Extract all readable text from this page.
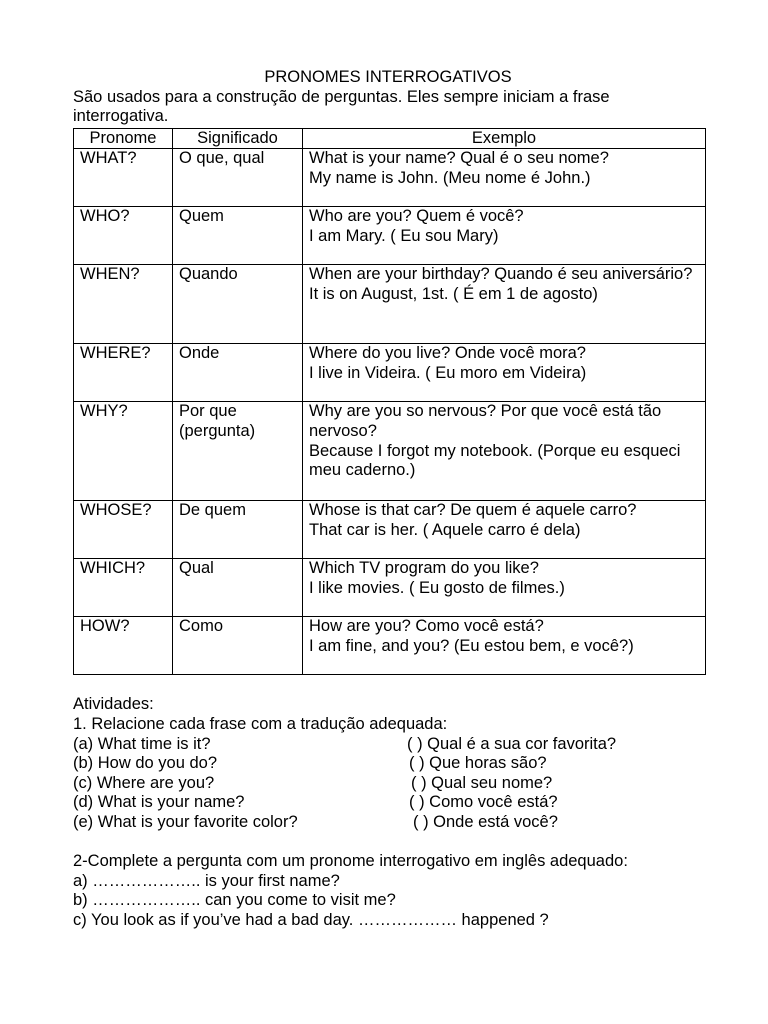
PRONOMES INTERROGATIVOS

São usados para a construção de perguntas. Eles sempre iniciam a frase interrogativa.

Pronome	Significado	Exemplo
WHAT?	O que, qual	What is your name? Qual é o seu nome?
My name is John. (Meu nome é John.)

WHO?	Quem	Who are you? Quem é você?
I am Mary. ( Eu sou Mary)

WHEN?	Quando	When are your birthday? Quando é seu aniversário?
It is on August, 1st. ( É em 1 de agosto)

WHERE?	Onde	Where do you live? Onde você mora?
I live in Videira. ( Eu moro em Videira)

WHY?	Por que (pergunta)	Why are you so nervous? Por que você está tão nervoso?
Because I forgot my notebook. (Porque eu esqueci meu caderno.)

WHOSE?	De quem	Whose is that car? De quem é aquele carro?
That car is her. ( Aquele carro é dela)

WHICH?	Qual	Which TV program do you like?
I like movies. ( Eu gosto de filmes.)

HOW?	Como	How are you? Como você está?
I am fine, and you? (Eu estou bem, e você?)
Atividades:
1. Relacione cada frase com a tradução adequada:
(a) What time is it?	( ) Qual é a sua cor favorita?
(b) How do you do?	( ) Que horas são?
(c) Where are you?	( ) Qual seu nome?
(d) What is your name?	( ) Como você está?
(e) What is your favorite color?	( ) Onde está você?
2-Complete a pergunta com um pronome interrogativo em inglês adequado:
a) ……………….. is your first name?
b) ……………….. can you come to visit me?
c) You look as if you’ve had a bad day. ……………… happened ?
